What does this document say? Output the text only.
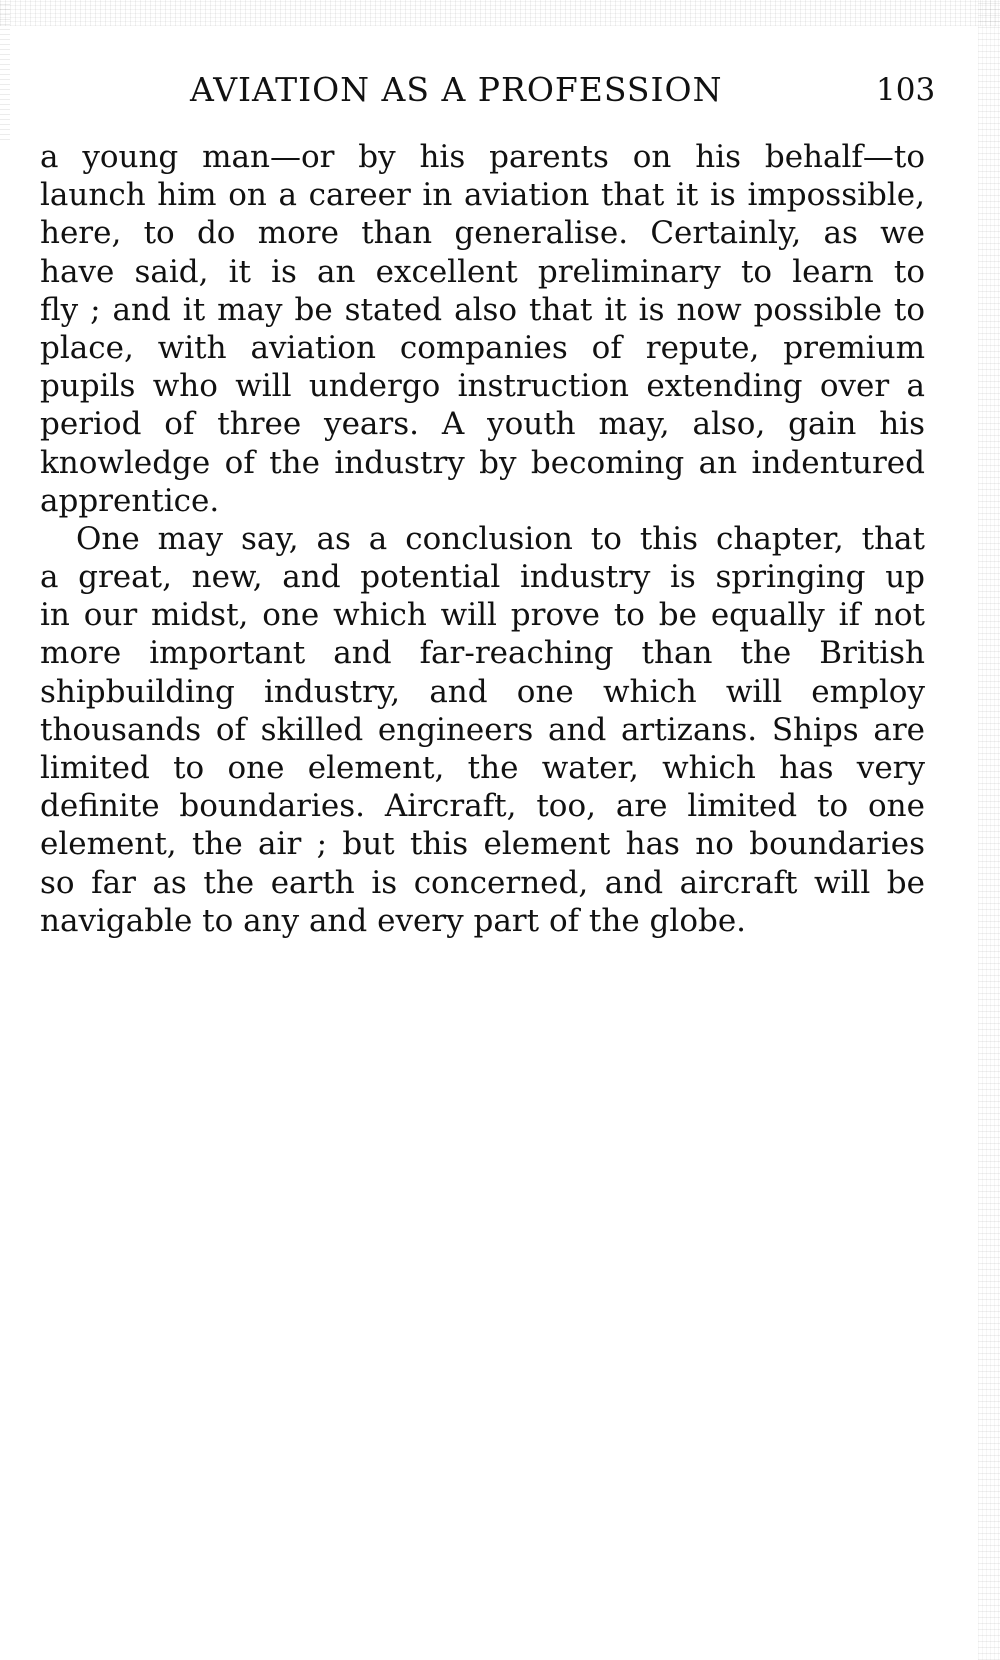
AVIATION AS A PROFESSION	103
a young man—or by his parents on his behalf—to
launch him on a career in aviation that it is impossible,
here, to do more than generalise. Certainly, as we
have said, it is an excellent preliminary to learn to
fly ; and it may be stated also that it is now possible to
place, with aviation companies of repute, premium
pupils who will undergo instruction extending over a
period of three years. A youth may, also, gain his
knowledge of the industry by becoming an indentured
apprentice.
One may say, as a conclusion to this chapter, that
a great, new, and potential industry is springing up
in our midst, one which will prove to be equally if not
more important and far-reaching than the British
shipbuilding industry, and one which will employ
thousands of skilled engineers and artizans. Ships are
limited to one element, the water, which has very
definite boundaries. Aircraft, too, are limited to one
element, the air ; but this element has no boundaries
so far as the earth is concerned, and aircraft will be
navigable to any and every part of the globe.
